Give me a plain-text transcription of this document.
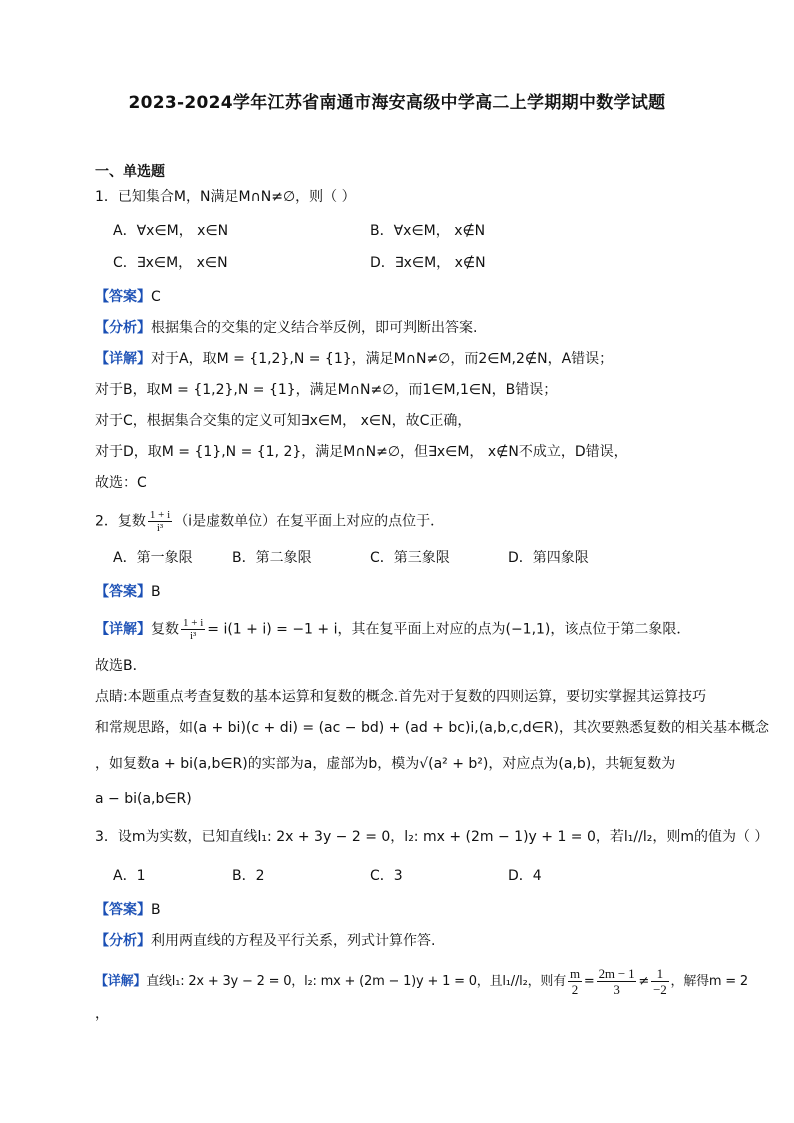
2023-2024学年江苏省南通市海安高级中学高二上学期期中数学试题
一、单选题
1．已知集合M，N满足M∩N≠∅，则（ ）
A．∀x∈M， x∈N	B．∀x∈M， x∉N
C．∃x∈M， x∈N	D．∃x∈M， x∉N
【答案】C
【分析】根据集合的交集的定义结合举反例，即可判断出答案.
【详解】对于A，取M = {1,2},N = {1}，满足M∩N≠∅，而2∈M,2∉N，A错误；
对于B，取M = {1,2},N = {1}，满足M∩N≠∅，而1∈M,1∈N，B错误；
对于C，根据集合交集的定义可知∃x∈M， x∈N，故C正确，
对于D，取M = {1},N = {1, 2}，满足M∩N≠∅，但∃x∈M， x∉N不成立，D错误，
故选：C
2．复数 $\frac{1 + i}{\text{i³}} (i$是虚数单位）在复平面上对应的点位于．
A．第一象限	B．第二象限	C．第三象限	D．第四象限
【答案】B
【详解】复数 $\frac{1 + i}{\text{i³}} = i(1 + i) = -1 + i$，其在复平面上对应的点为(−1,1)，该点位于第二象限．
故选B．
点睛:本题重点考查复数的基本运算和复数的概念.首先对于复数的四则运算，要切实掌握其运算技巧
和常规思路，如(a + bi)(c + di) = (ac − bd) + (ad + bc)i,(a,b,c,d∈R)，其次要熟悉复数的相关基本概念
，如复数a + bi(a,b∈R)的实部为a，虚部为b，模为√(a² + b²)，对应点为(a,b)，共轭复数为
a − bi(a,b∈R)
3．设m为实数，已知直线l₁: 2x + 3y − 2 = 0，l₂: mx + (2m − 1)y + 1 = 0，若l₁//l₂，则m的值为（ ）
A．1	B．2	C．3	D．4
【答案】B
【分析】利用两直线的方程及平行关系，列式计算作答.
【详解】直线l₁: 2x + 3y − 2 = 0，l₂: mx + (2m − 1)y + 1 = 0，且l₁//l₂，则有 $\frac{m}{2} = \frac{2m - 1}{3} \ne \frac{1}{-2}$ ，解得m = 2
，
